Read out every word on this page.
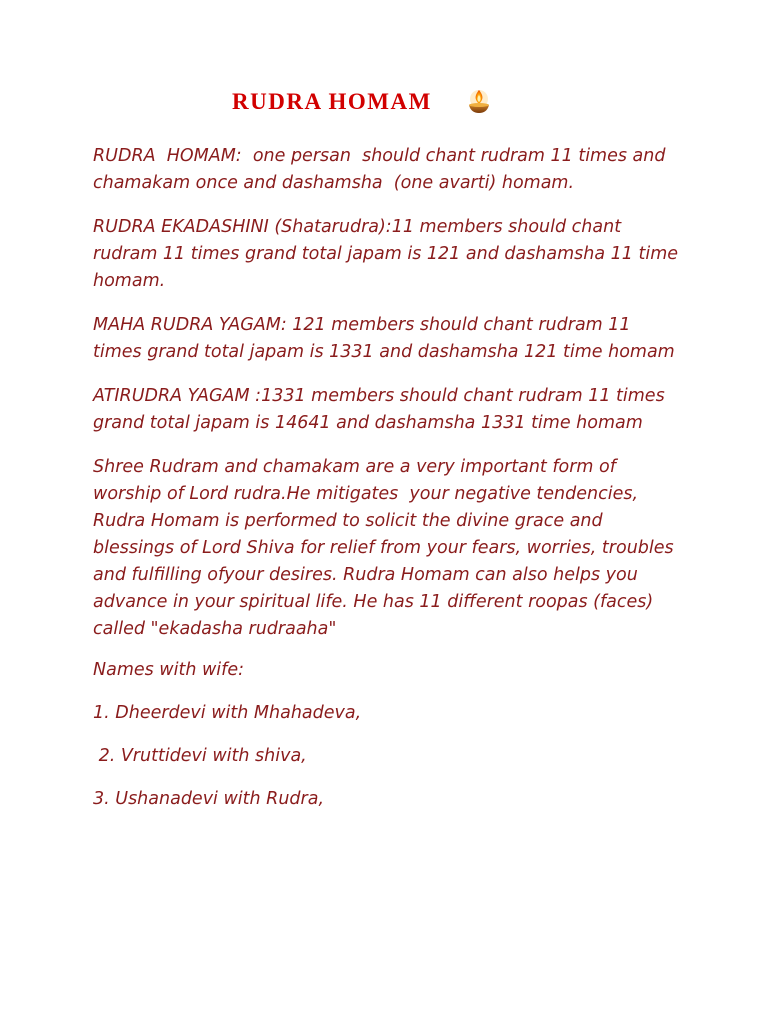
RUDRA HOMAM

RUDRA  HOMAM:  one persan  should chant rudram 11 times and chamakam once and dashamsha  (one avarti) homam.

RUDRA EKADASHINI (Shatarudra):11 members should chant rudram 11 times grand total japam is 121 and dashamsha 11 time homam.

MAHA RUDRA YAGAM: 121 members should chant rudram 11 times grand total japam is 1331 and dashamsha 121 time homam

ATIRUDRA YAGAM :1331 members should chant rudram 11 times grand total japam is 14641 and dashamsha 1331 time homam

Shree Rudram and chamakam are a very important form of worship of Lord rudra.He mitigates  your negative tendencies, Rudra Homam is performed to solicit the divine grace and blessings of Lord Shiva for relief from your fears, worries, troubles and fulfilling ofyour desires. Rudra Homam can also helps you advance in your spiritual life. He has 11 different roopas (faces) called "ekadasha rudraaha"

Names with wife:

1. Dheerdevi with Mhahadeva,

2. Vruttidevi with shiva,

3. Ushanadevi with Rudra,
